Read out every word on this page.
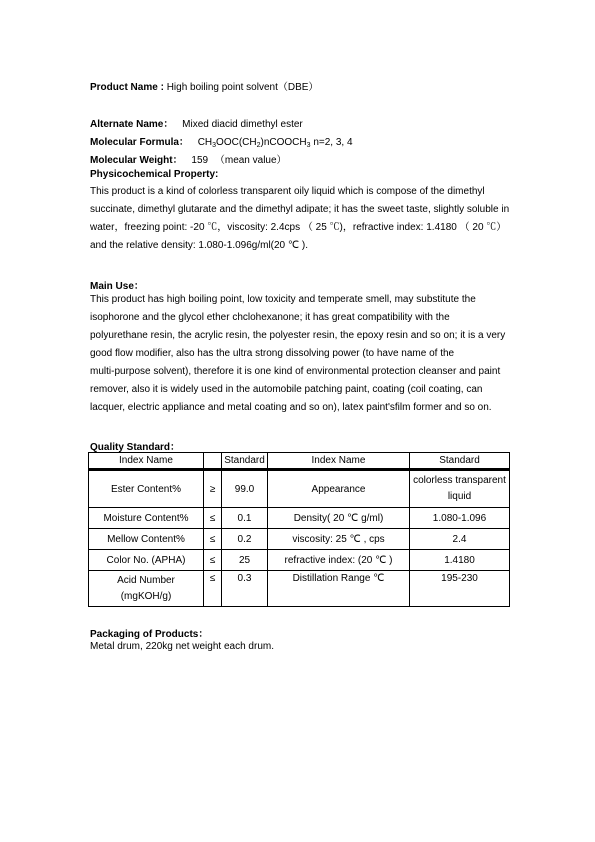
Product Name : High boiling point solvent（DBE）
Alternate Name： Mixed diacid dimethyl ester
Molecular Formula： $CH_3OOC(CH_2)nCOOCH_3$ n=2, 3, 4
Molecular Weight： 159 （mean value）
Physicochemical Property:
This product is a kind of colorless transparent oily liquid which is compose of the dimethyl
succinate, dimethyl glutarate and the dimethyl adipate; it has the sweet taste, slightly soluble in
water，freezing point: -20 ℃，viscosity: 2.4cps （ 25 ℃)，refractive index: 1.4180 （ 20 ℃）
and the relative density: 1.080-1.096g/ml(20 ℃ ).
Main Use：
This product has high boiling point, low toxicity and temperate smell, may substitute the
isophorone and the glycol ether chclohexanone; it has great compatibility with the
polyurethane resin, the acrylic resin, the polyester resin, the epoxy resin and so on; it is a very
good flow modifier, also has the ultra strong dissolving power (to have name of the
multi-purpose solvent), therefore it is one kind of environmental protection cleanser and paint
remover, also it is widely used in the automobile patching paint, coating (coil coating, can
lacquer, electric appliance and metal coating and so on), latex paint'sfilm former and so on.
Quality Standard：
Index Name		Standard	Index Name	Standard
Ester Content%	≥	99.0	Appearance	colorless transparent liquid
Moisture Content%	≤	0.1	Density( 20 ℃ g/ml)	1.080-1.096
Mellow Content%	≤	0.2	viscosity: 25 ℃ , cps	2.4
Color No. (APHA)	≤	25	refractive index: (20 ℃ )	1.4180
Acid Number (mgKOH/g)	≤	0.3	Distillation Range ℃	195-230
Packaging of Products：
Metal drum, 220kg net weight each drum.
